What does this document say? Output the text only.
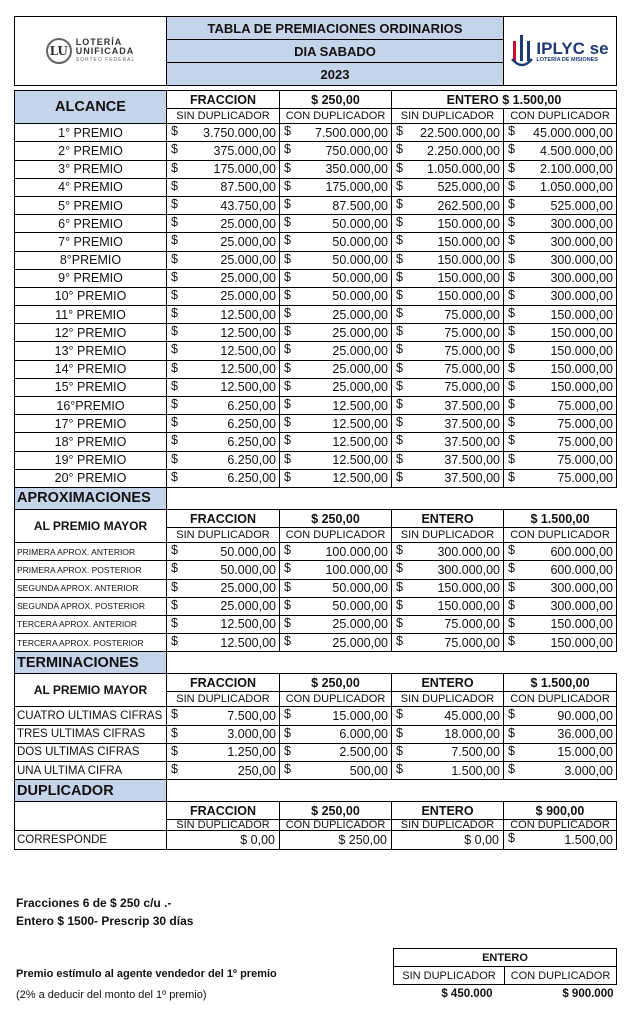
LU
LOTERÍA
UNIFICADA
SORTEO FEDERAL
	TABLA DE PREMIACIONES ORDINARIOS	
IPLYC se
LOTERÍA DE MISIONES

DIA SABADO
2023
ALCANCE	FRACCION	$ 250,00	ENTERO $ 1.500,00	
	SIN DUPLICADOR	CON DUPLICADOR	SIN DUPLICADOR	CON DUPLICADOR
1° PREMIO	$ 3.750.000,00	$ 7.500.000,00	$ 22.500.000,00	$ 45.000.000,00
2° PREMIO	$ 375.000,00	$ 750.000,00	$ 2.250.000,00	$ 4.500.000,00
3° PREMIO	$ 175.000,00	$ 350.000,00	$ 1.050.000,00	$ 2.100.000,00
4° PREMIO	$ 87.500,00	$ 175.000,00	$ 525.000,00	$ 1.050.000,00
5° PREMIO	$ 43.750,00	$ 87.500,00	$ 262.500,00	$ 525.000,00
6° PREMIO	$ 25.000,00	$ 50.000,00	$ 150.000,00	$ 300.000,00
7° PREMIO	$ 25.000,00	$ 50.000,00	$ 150.000,00	$ 300.000,00
8°PREMIO	$ 25.000,00	$ 50.000,00	$ 150.000,00	$ 300.000,00
9° PREMIO	$ 25.000,00	$ 50.000,00	$ 150.000,00	$ 300.000,00
10° PREMIO	$ 25.000,00	$ 50.000,00	$ 150.000,00	$ 300.000,00
11° PREMIO	$ 12.500,00	$ 25.000,00	$ 75.000,00	$ 150.000,00
12° PREMIO	$ 12.500,00	$ 25.000,00	$ 75.000,00	$ 150.000,00
13° PREMIO	$ 12.500,00	$ 25.000,00	$ 75.000,00	$ 150.000,00
14° PREMIO	$ 12.500,00	$ 25.000,00	$ 75.000,00	$ 150.000,00
15° PREMIO	$ 12.500,00	$ 25.000,00	$ 75.000,00	$ 150.000,00
16°PREMIO	$ 6.250,00	$ 12.500,00	$ 37.500,00	$ 75.000,00
17° PREMIO	$ 6.250,00	$ 12.500,00	$ 37.500,00	$ 75.000,00
18° PREMIO	$ 6.250,00	$ 12.500,00	$ 37.500,00	$ 75.000,00
19° PREMIO	$ 6.250,00	$ 12.500,00	$ 37.500,00	$ 75.000,00
20° PREMIO	$ 6.250,00	$ 12.500,00	$ 37.500,00	$ 75.000,00
APROXIMACIONES				
AL PREMIO MAYOR	FRACCION	$ 250,00	ENTERO	$ 1.500,00
	SIN DUPLICADOR	CON DUPLICADOR	SIN DUPLICADOR	CON DUPLICADOR
PRIMERA APROX. ANTERIOR	$ 50.000,00	$ 100.000,00	$ 300.000,00	$ 600.000,00
PRIMERA APROX. POSTERIOR	$ 50.000,00	$ 100.000,00	$ 300.000,00	$ 600.000,00
SEGUNDA APROX. ANTERIOR	$ 25.000,00	$ 50.000,00	$ 150.000,00	$ 300.000,00
SEGUNDA APROX. POSTERIOR	$ 25.000,00	$ 50.000,00	$ 150.000,00	$ 300.000,00
TERCERA APROX. ANTERIOR	$ 12.500,00	$ 25.000,00	$ 75.000,00	$ 150.000,00
TERCERA APROX. POSTERIOR	$ 12.500,00	$ 25.000,00	$ 75.000,00	$ 150.000,00
TERMINACIONES				
AL PREMIO MAYOR	FRACCION	$ 250,00	ENTERO	$ 1.500,00
	SIN DUPLICADOR	CON DUPLICADOR	SIN DUPLICADOR	CON DUPLICADOR
CUATRO ULTIMAS CIFRAS	$ 7.500,00	$ 15.000,00	$ 45.000,00	$ 90.000,00
TRES ULTIMAS CIFRAS	$ 3.000,00	$ 6.000,00	$ 18.000,00	$ 36.000,00
DOS ULTIMAS CIFRAS	$ 1.250,00	$ 2.500,00	$ 7.500,00	$ 15.000,00
UNA ULTIMA CIFRA	$ 250,00	$ 500,00	$ 1.500,00	$ 3.000,00
DUPLICADOR				
	FRACCION	$ 250,00	ENTERO	$ 900,00
	SIN DUPLICADOR	CON DUPLICADOR	SIN DUPLICADOR	CON DUPLICADOR
CORRESPONDE	$ 0,00	$ 250,00	$ 0,00	$ 1.500,00
Fracciones 6 de $ 250 c/u .-
Entero $ 1500- Prescrip 30 días
Premio estímulo al agente vendedor del 1º premio
(2% a deducir del monto del 1º premio)
ENTERO	
SIN DUPLICADOR	CON DUPLICADOR
$ 450.000	$ 900.000
